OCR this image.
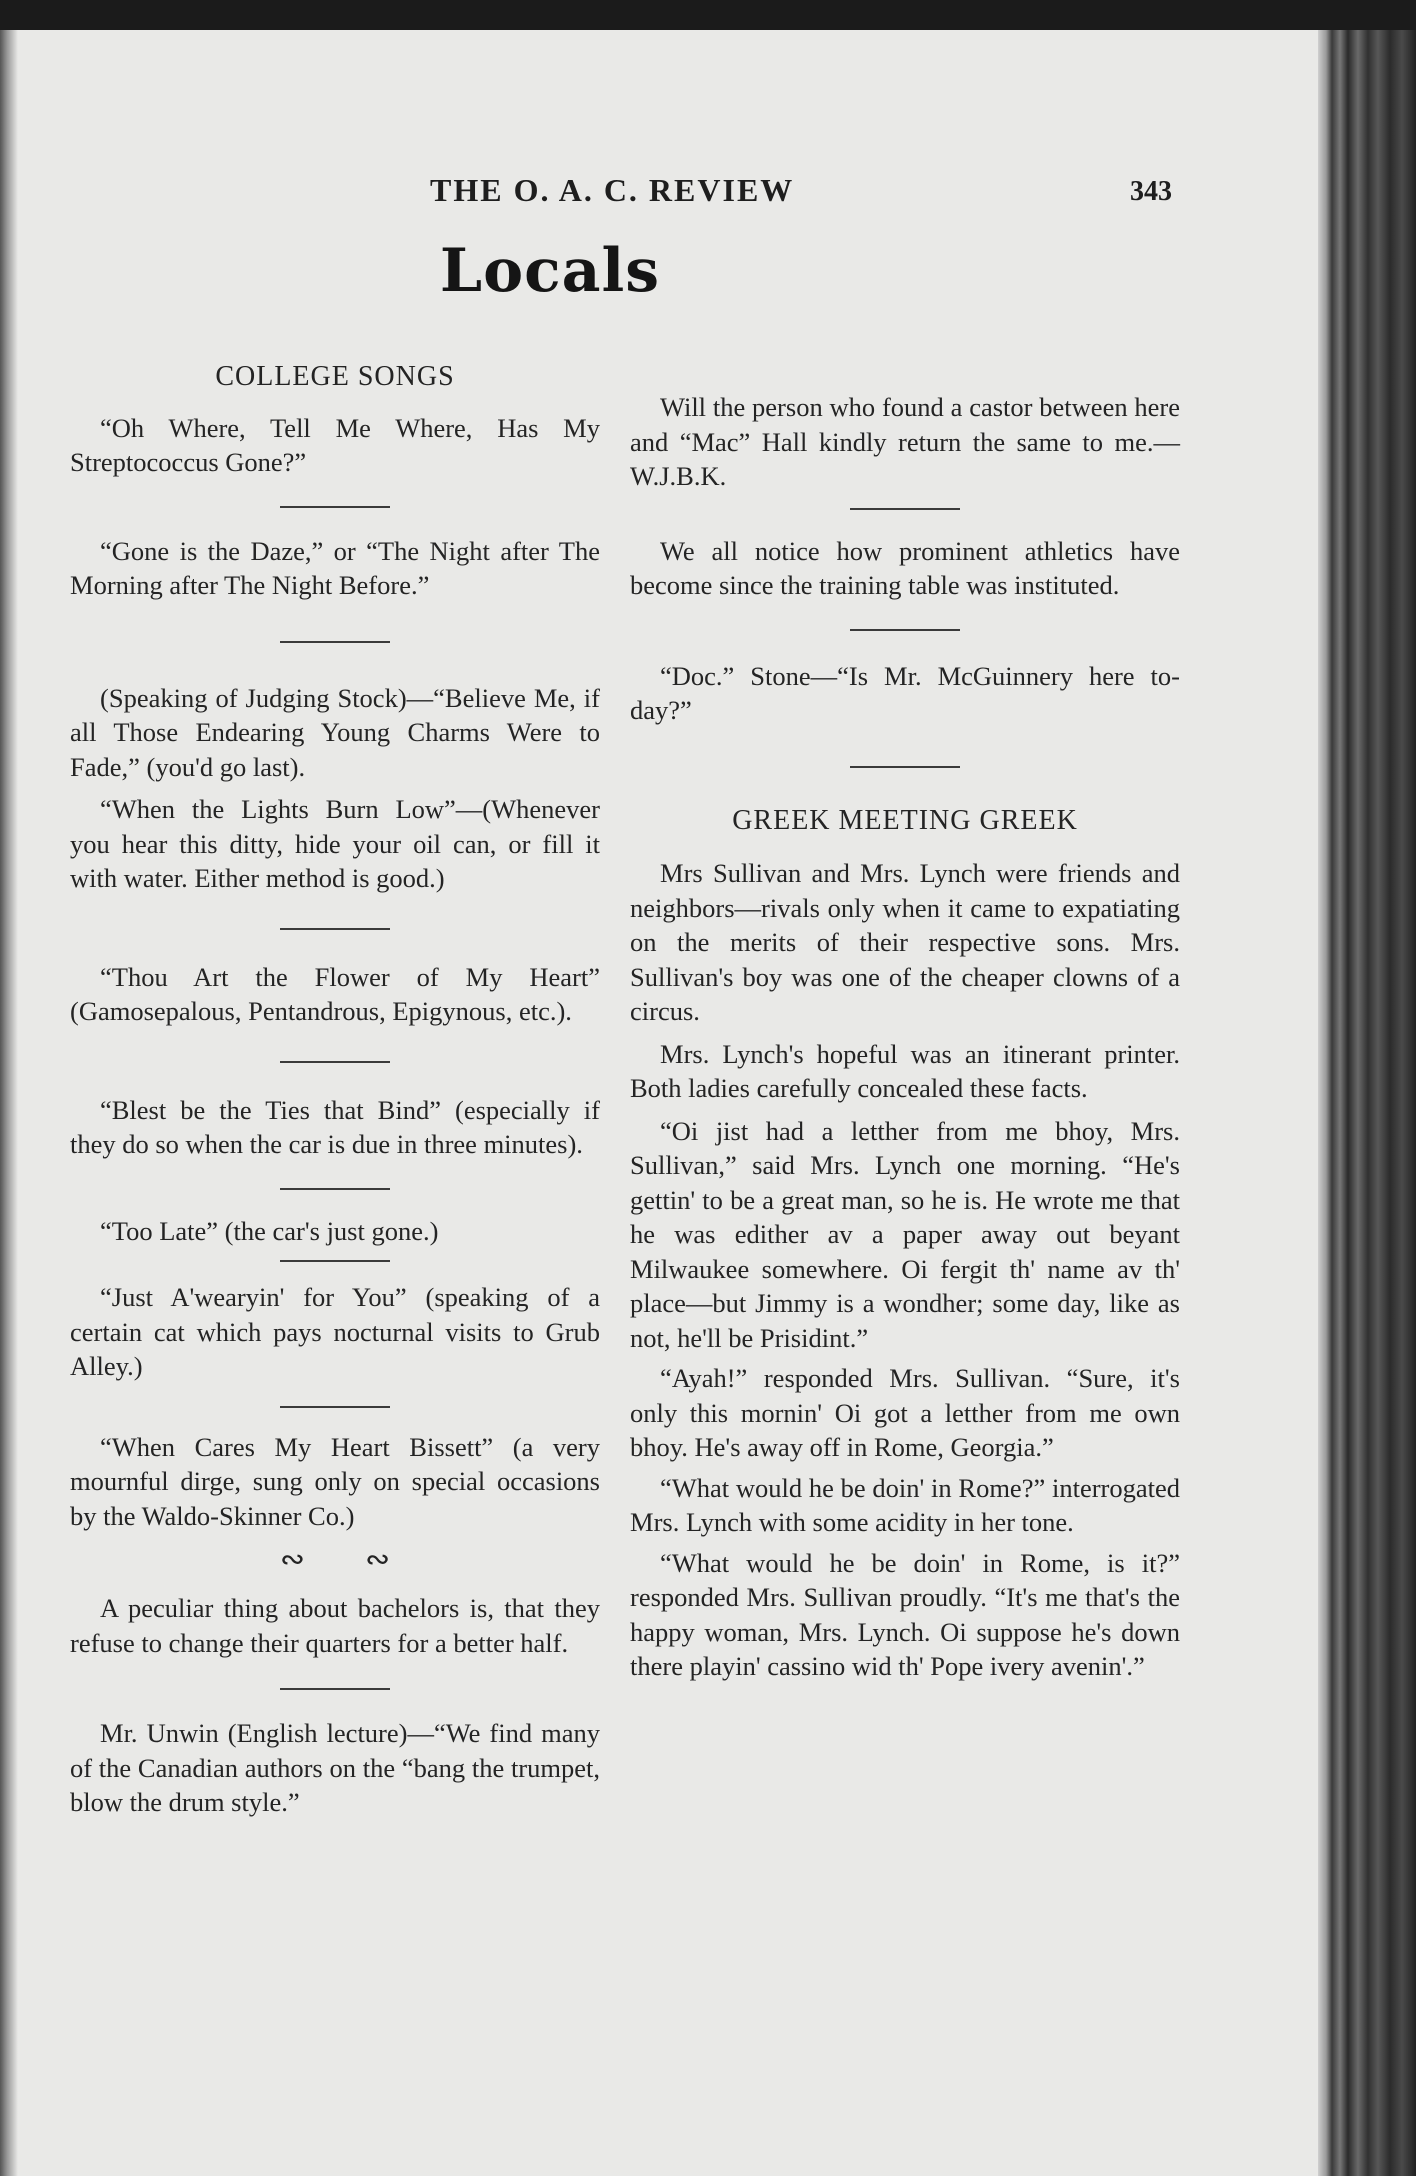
THE O. A. C. REVIEW	343
Locals
COLLEGE SONGS

“Oh Where, Tell Me Where, Has My Streptococcus Gone?”

“Gone is the Daze,” or “The Night after The Morning after The Night Before.”

(Speaking of Judging Stock)—“Believe Me, if all Those Endearing Young Charms Were to Fade,” (you'd go last).

“When the Lights Burn Low”—(Whenever you hear this ditty, hide your oil can, or fill it with water. Either method is good.)

“Thou Art the Flower of My Heart” (Gamosepalous, Pentandrous, Epigynous, etc.).

“Blest be the Ties that Bind” (especially if they do so when the car is due in three minutes).

“Too Late” (the car's just gone.)

“Just A'wearyin' for You” (speaking of a certain cat which pays nocturnal visits to Grub Alley.)

“When Cares My Heart Bissett” (a very mournful dirge, sung only on special occasions by the Waldo-Skinner Co.)

∾∾

A peculiar thing about bachelors is, that they refuse to change their quarters for a better half.

Mr. Unwin (English lecture)—“We find many of the Canadian authors on the “bang the trumpet, blow the drum style.”

Will the person who found a castor between here and “Mac” Hall kindly return the same to me.—W.J.B.K.

We all notice how prominent athletics have become since the training table was instituted.

“Doc.” Stone—“Is Mr. McGuinnery here to-day?”

GREEK MEETING GREEK

Mrs Sullivan and Mrs. Lynch were friends and neighbors—rivals only when it came to expatiating on the merits of their respective sons. Mrs. Sullivan's boy was one of the cheaper clowns of a circus.

Mrs. Lynch's hopeful was an itinerant printer. Both ladies carefully concealed these facts.

“Oi jist had a letther from me bhoy, Mrs. Sullivan,” said Mrs. Lynch one morning. “He's gettin' to be a great man, so he is. He wrote me that he was edither av a paper away out beyant Milwaukee somewhere. Oi fergit th' name av th' place—but Jimmy is a wondher; some day, like as not, he'll be Prisidint.”

“Ayah!” responded Mrs. Sullivan. “Sure, it's only this mornin' Oi got a letther from me own bhoy. He's away off in Rome, Georgia.”

“What would he be doin' in Rome?” interrogated Mrs. Lynch with some acidity in her tone.

“What would he be doin' in Rome, is it?” responded Mrs. Sullivan proudly. “It's me that's the happy woman, Mrs. Lynch. Oi suppose he's down there playin' cassino wid th' Pope ivery avenin'.”
